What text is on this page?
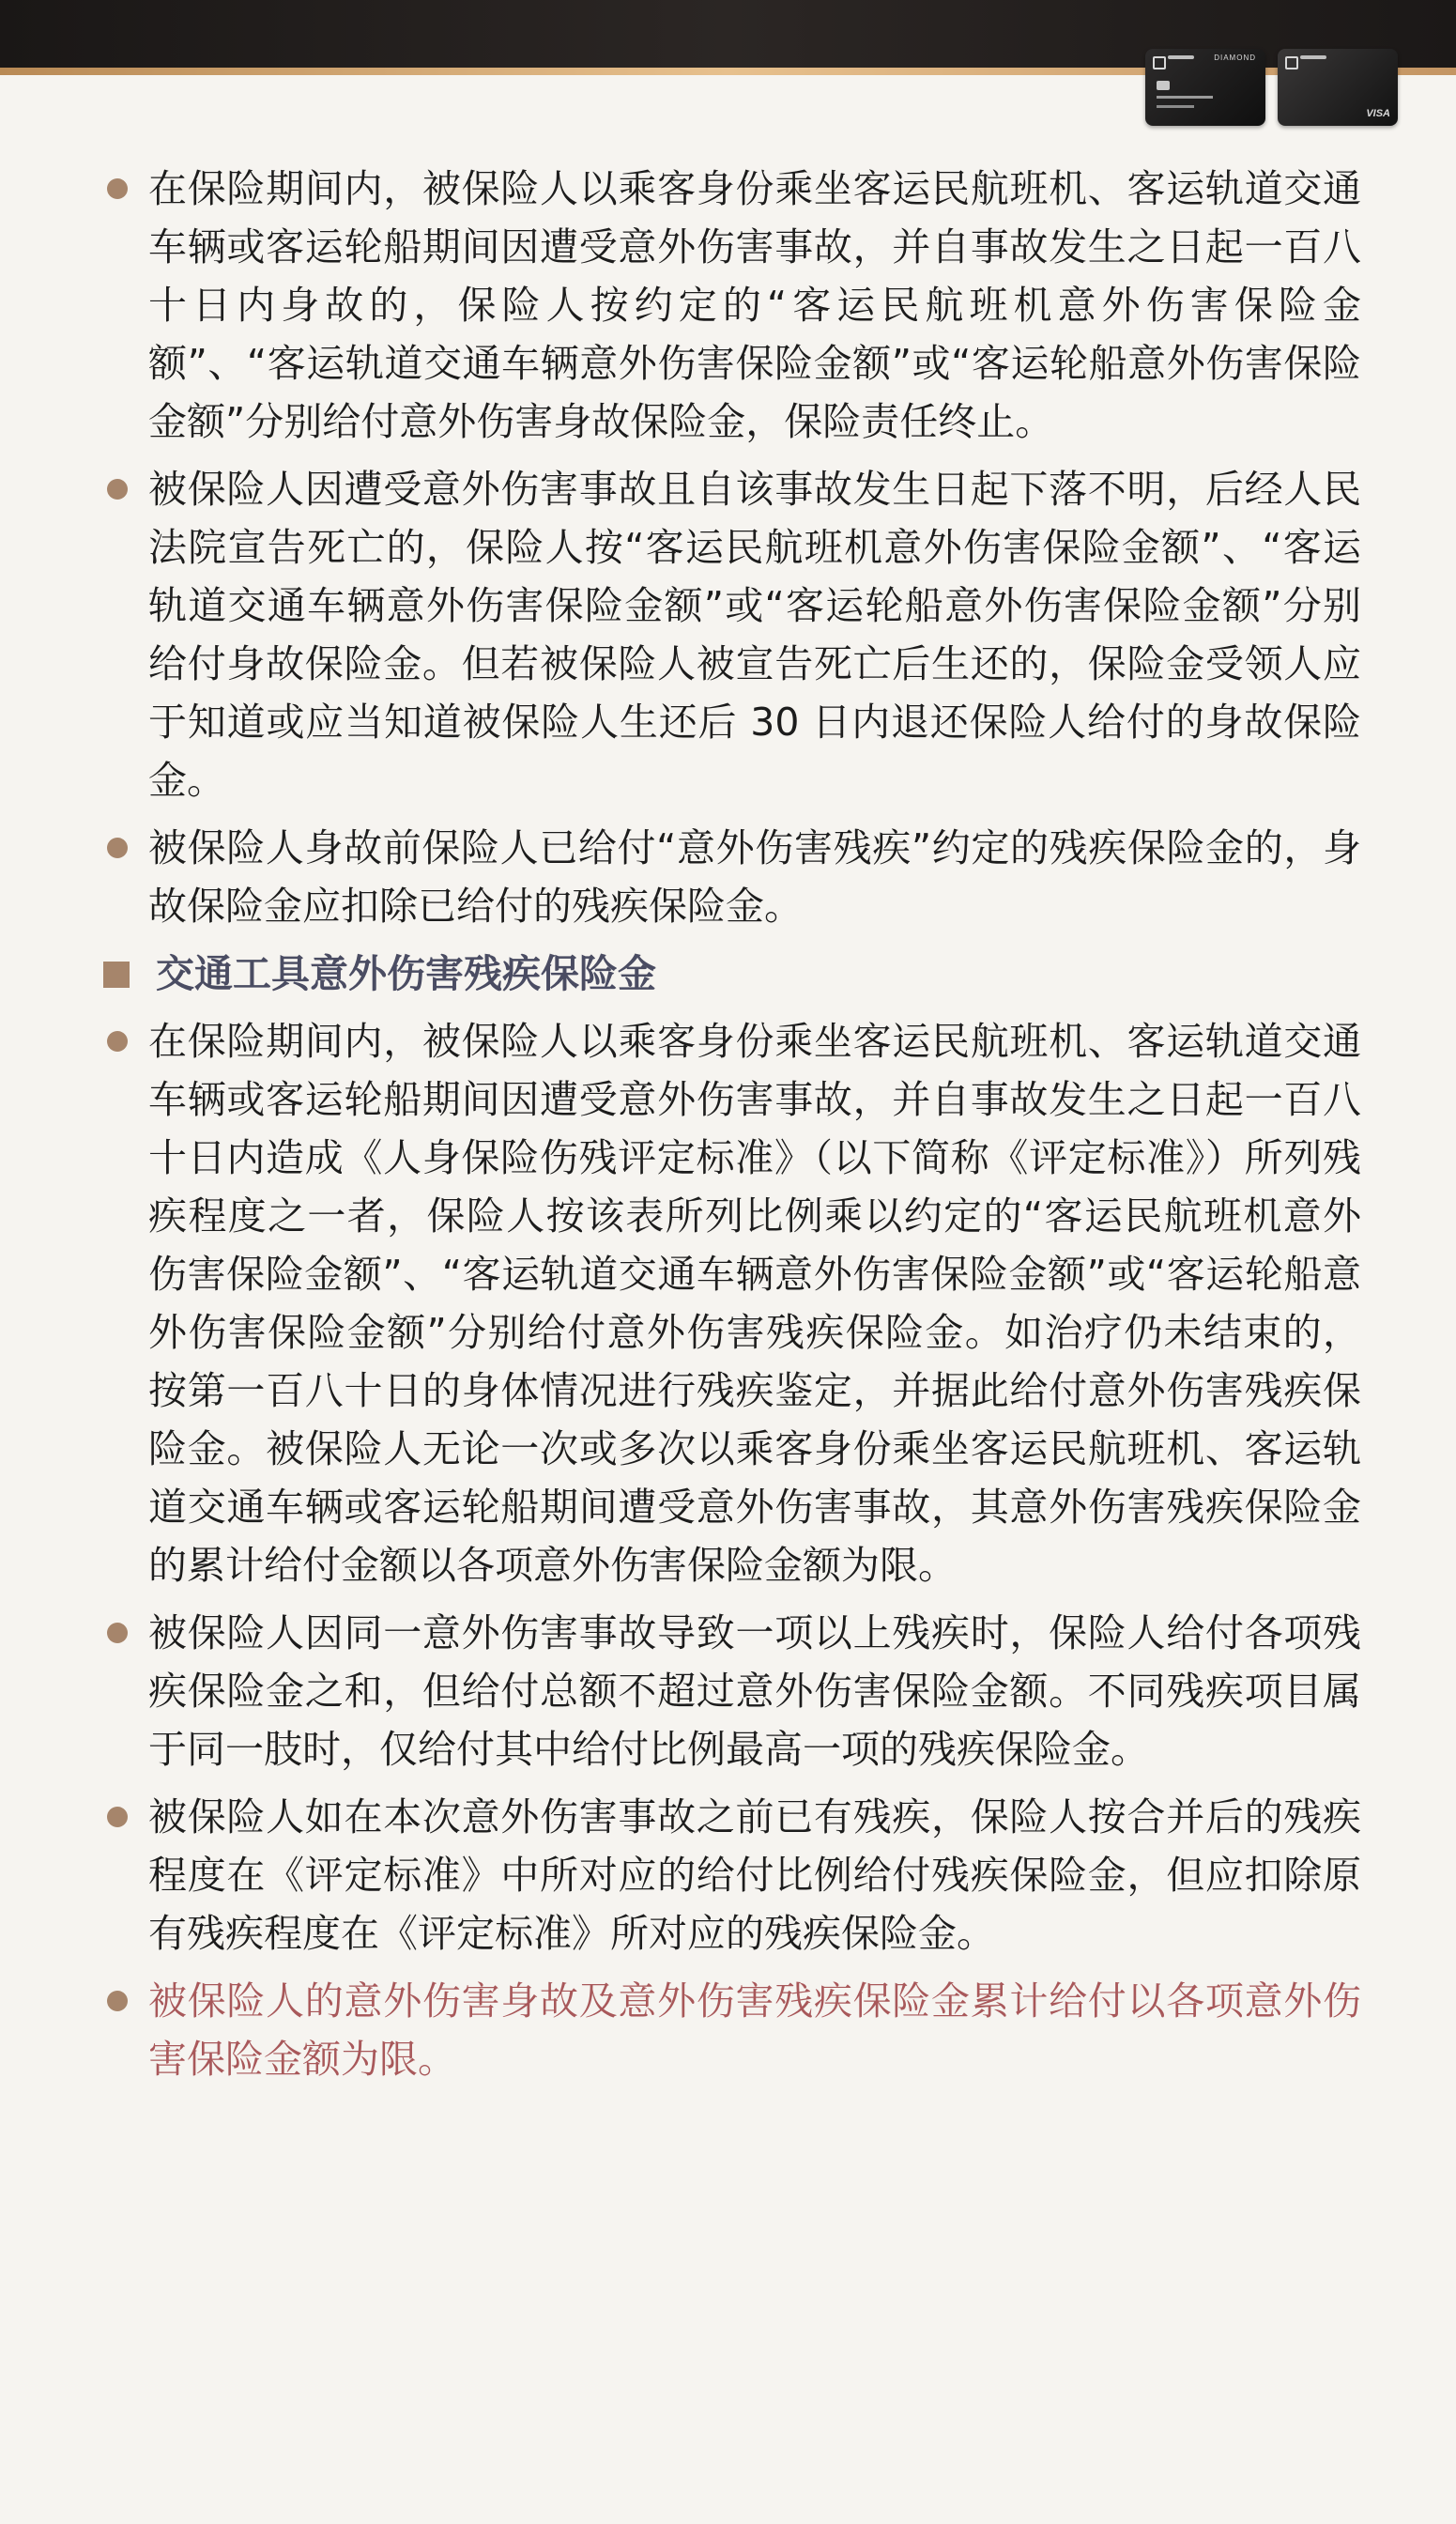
DIAMOND
VISA
在保险期间内，被保险人以乘客身份乘坐客运民航班机、客运轨道交通车辆或客运轮船期间因遭受意外伤害事故，并自事故发生之日起一百八十日内身故的，保险人按约定的“客运民航班机意外伤害保险金额”、“客运轨道交通车辆意外伤害保险金额”或“客运轮船意外伤害保险金额”分别给付意外伤害身故保险金，保险责任终止。
被保险人因遭受意外伤害事故且自该事故发生日起下落不明，后经人民法院宣告死亡的，保险人按“客运民航班机意外伤害保险金额”、“客运轨道交通车辆意外伤害保险金额”或“客运轮船意外伤害保险金额”分别给付身故保险金。但若被保险人被宣告死亡后生还的，保险金受领人应于知道或应当知道被保险人生还后 30 日内退还保险人给付的身故保险金。
被保险人身故前保险人已给付“意外伤害残疾”约定的残疾保险金的，身故保险金应扣除已给付的残疾保险金。
交通工具意外伤害残疾保险金
在保险期间内，被保险人以乘客身份乘坐客运民航班机、客运轨道交通车辆或客运轮船期间因遭受意外伤害事故，并自事故发生之日起一百八十日内造成《人身保险伤残评定标准》（以下简称《评定标准》）所列残疾程度之一者，保险人按该表所列比例乘以约定的“客运民航班机意外伤害保险金额”、“客运轨道交通车辆意外伤害保险金额”或“客运轮船意外伤害保险金额”分别给付意外伤害残疾保险金。如治疗仍未结束的，按第一百八十日的身体情况进行残疾鉴定，并据此给付意外伤害残疾保险金。被保险人无论一次或多次以乘客身份乘坐客运民航班机、客运轨道交通车辆或客运轮船期间遭受意外伤害事故，其意外伤害残疾保险金的累计给付金额以各项意外伤害保险金额为限。
被保险人因同一意外伤害事故导致一项以上残疾时，保险人给付各项残疾保险金之和，但给付总额不超过意外伤害保险金额。不同残疾项目属于同一肢时，仅给付其中给付比例最高一项的残疾保险金。
被保险人如在本次意外伤害事故之前已有残疾，保险人按合并后的残疾程度在《评定标准》中所对应的给付比例给付残疾保险金，但应扣除原有残疾程度在《评定标准》所对应的残疾保险金。
被保险人的意外伤害身故及意外伤害残疾保险金累计给付以各项意外伤害保险金额为限。
